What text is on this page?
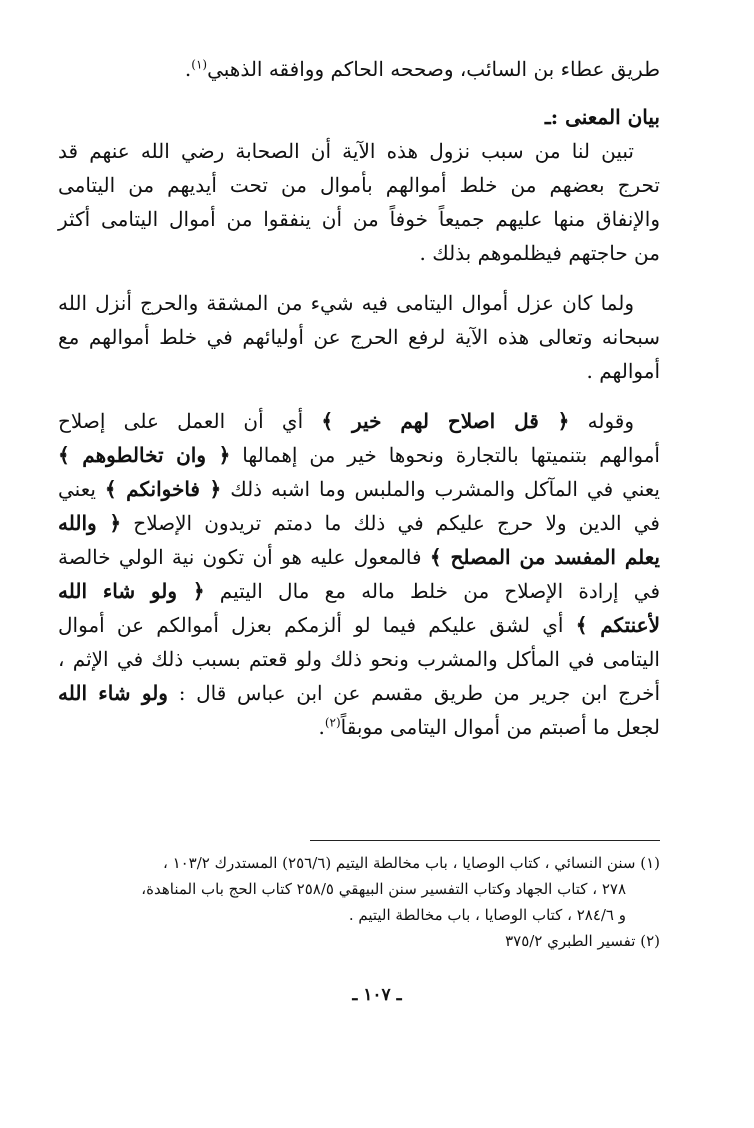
طريق عطاء بن السائب، وصححه الحاكم ووافقه الذهبي$^{(١)}$.
بيان المعنى :ـ
تبين لنا من سبب نزول هذه الآية أن الصحابة رضي الله عنهم قد
تحرج بعضهم من خلط أموالهم بأموال من تحت أيديهم من اليتامى
والإنفاق منها عليهم جميعاً خوفاً من أن ينفقوا من أموال اليتامى أكثر
من حاجتهم فيظلموهم بذلك .
ولما كان عزل أموال اليتامى فيه شيء من المشقة والحرج أنزل الله
سبحانه وتعالى هذه الآية لرفع الحرج عن أوليائهم في خلط أموالهم مع
أموالهم .
وقوله ﴿ قل اصلاح لهم خير ﴾ أي أن العمل على إصلاح
أموالهم بتنميتها بالتجارة ونحوها خير من إهمالها ﴿ وان تخالطوهم ﴾
يعني في المآكل والمشرب والملبس وما اشبه ذلك ﴿ فاخوانكم ﴾ يعني
في الدين ولا حرج عليكم في ذلك ما دمتم تريدون الإصلاح ﴿ والله
يعلم المفسد من المصلح ﴾ فالمعول عليه هو أن تكون نية الولي خالصة
في إرادة الإصلاح من خلط ماله مع مال اليتيم ﴿ ولو شاء الله
لأعنتكم ﴾ أي لشق عليكم فيما لو ألزمكم بعزل أموالكم عن أموال
اليتامى في المأكل والمشرب ونحو ذلك ولو قعتم بسبب ذلك في الإثم ،
أخرج ابن جرير من طريق مقسم عن ابن عباس قال : ولو شاء الله
لجعل ما أصبتم من أموال اليتامى موبقاً$^{(٢)}$.
(١) سنن النسائي ، كتاب الوصايا ، باب مخالطة اليتيم (٢٥٦/٦) المستدرك ١٠٣/٢ ،
٢٧٨ ، كتاب الجهاد وكتاب التفسير سنن البيهقي ٢٥٨/٥ كتاب الحج باب المناهدة،
و ٢٨٤/٦ ، كتاب الوصايا ، باب مخالطة اليتيم .
(٢) تفسير الطبري ٣٧٥/٢
ـ ١٠٧ ـ
